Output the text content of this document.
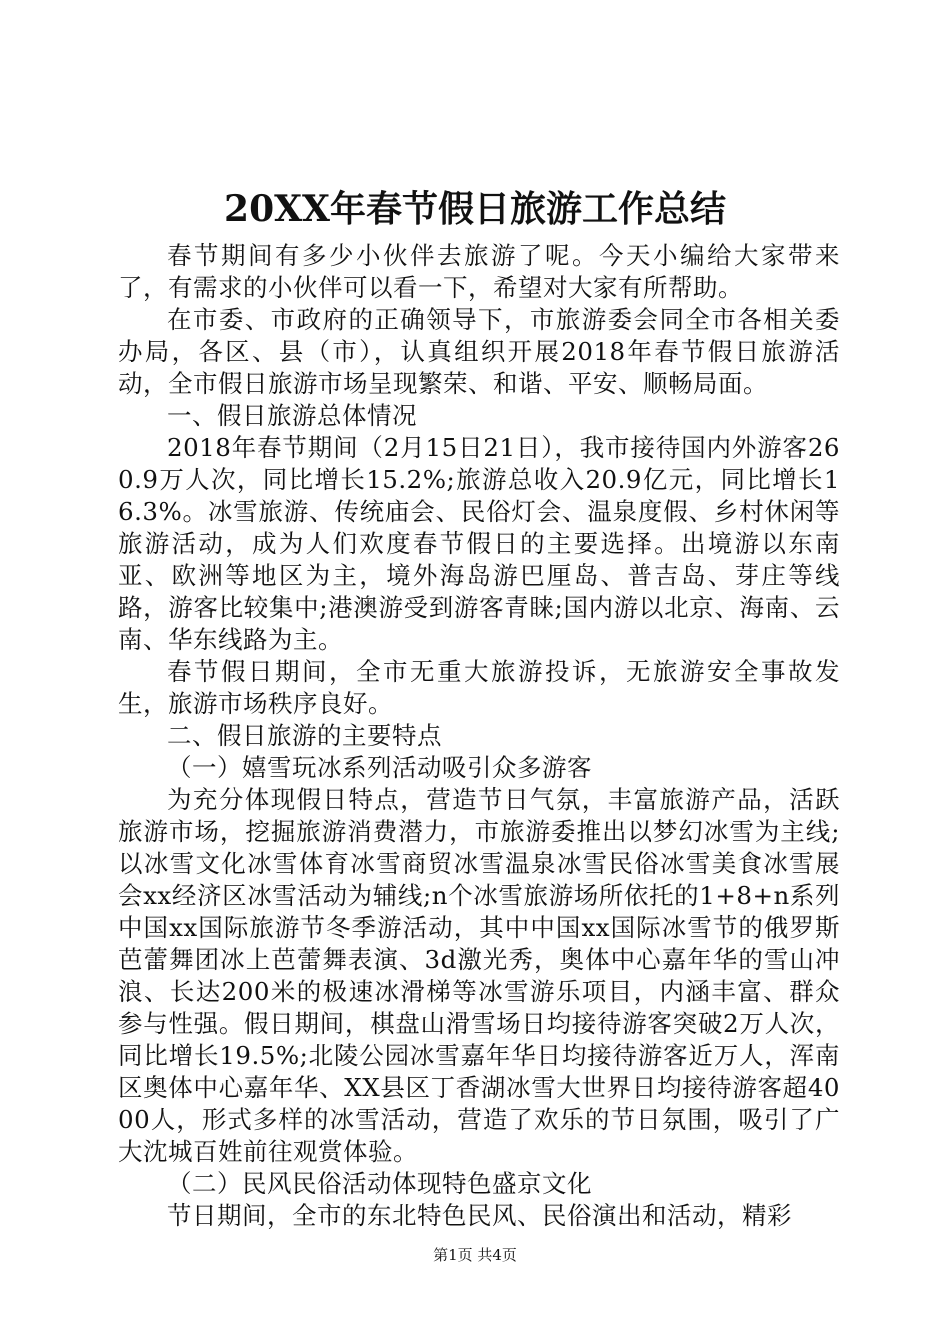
20XX年春节假日旅游工作总结

春节期间有多少小伙伴去旅游了呢。今天小编给大家带来了，有需求的小伙伴可以看一下，希望对大家有所帮助。

在市委、市政府的正确领导下，市旅游委会同全市各相关委办局，各区、县（市），认真组织开展2018年春节假日旅游活动，全市假日旅游市场呈现繁荣、和谐、平安、顺畅局面。

一、假日旅游总体情况

2018年春节期间（2月15日21日），我市接待国内外游客260.9万人次，同比增长15.2%;旅游总收入20.9亿元，同比增长16.3%。冰雪旅游、传统庙会、民俗灯会、温泉度假、乡村休闲等旅游活动，成为人们欢度春节假日的主要选择。出境游以东南亚、欧洲等地区为主，境外海岛游巴厘岛、普吉岛、芽庄等线路，游客比较集中;港澳游受到游客青睐;国内游以北京、海南、云南、华东线路为主。

春节假日期间，全市无重大旅游投诉，无旅游安全事故发生，旅游市场秩序良好。

二、假日旅游的主要特点

（一）嬉雪玩冰系列活动吸引众多游客

为充分体现假日特点，营造节日气氛，丰富旅游产品，活跃旅游市场，挖掘旅游消费潜力，市旅游委推出以梦幻冰雪为主线;以冰雪文化冰雪体育冰雪商贸冰雪温泉冰雪民俗冰雪美食冰雪展会xx经济区冰雪活动为辅线;n个冰雪旅游场所依托的1+8+n系列中国xx国际旅游节冬季游活动，其中中国xx国际冰雪节的俄罗斯芭蕾舞团冰上芭蕾舞表演、3d激光秀，奥体中心嘉年华的雪山冲浪、长达200米的极速冰滑梯等冰雪游乐项目，内涵丰富、群众参与性强。假日期间，棋盘山滑雪场日均接待游客突破2万人次，同比增长19.5%;北陵公园冰雪嘉年华日均接待游客近万人，浑南区奥体中心嘉年华、XX县区丁香湖冰雪大世界日均接待游客超4000人，形式多样的冰雪活动，营造了欢乐的节日氛围，吸引了广大沈城百姓前往观赏体验。

（二）民风民俗活动体现特色盛京文化

节日期间，全市的东北特色民风、民俗演出和活动，精彩

第1页 共4页
